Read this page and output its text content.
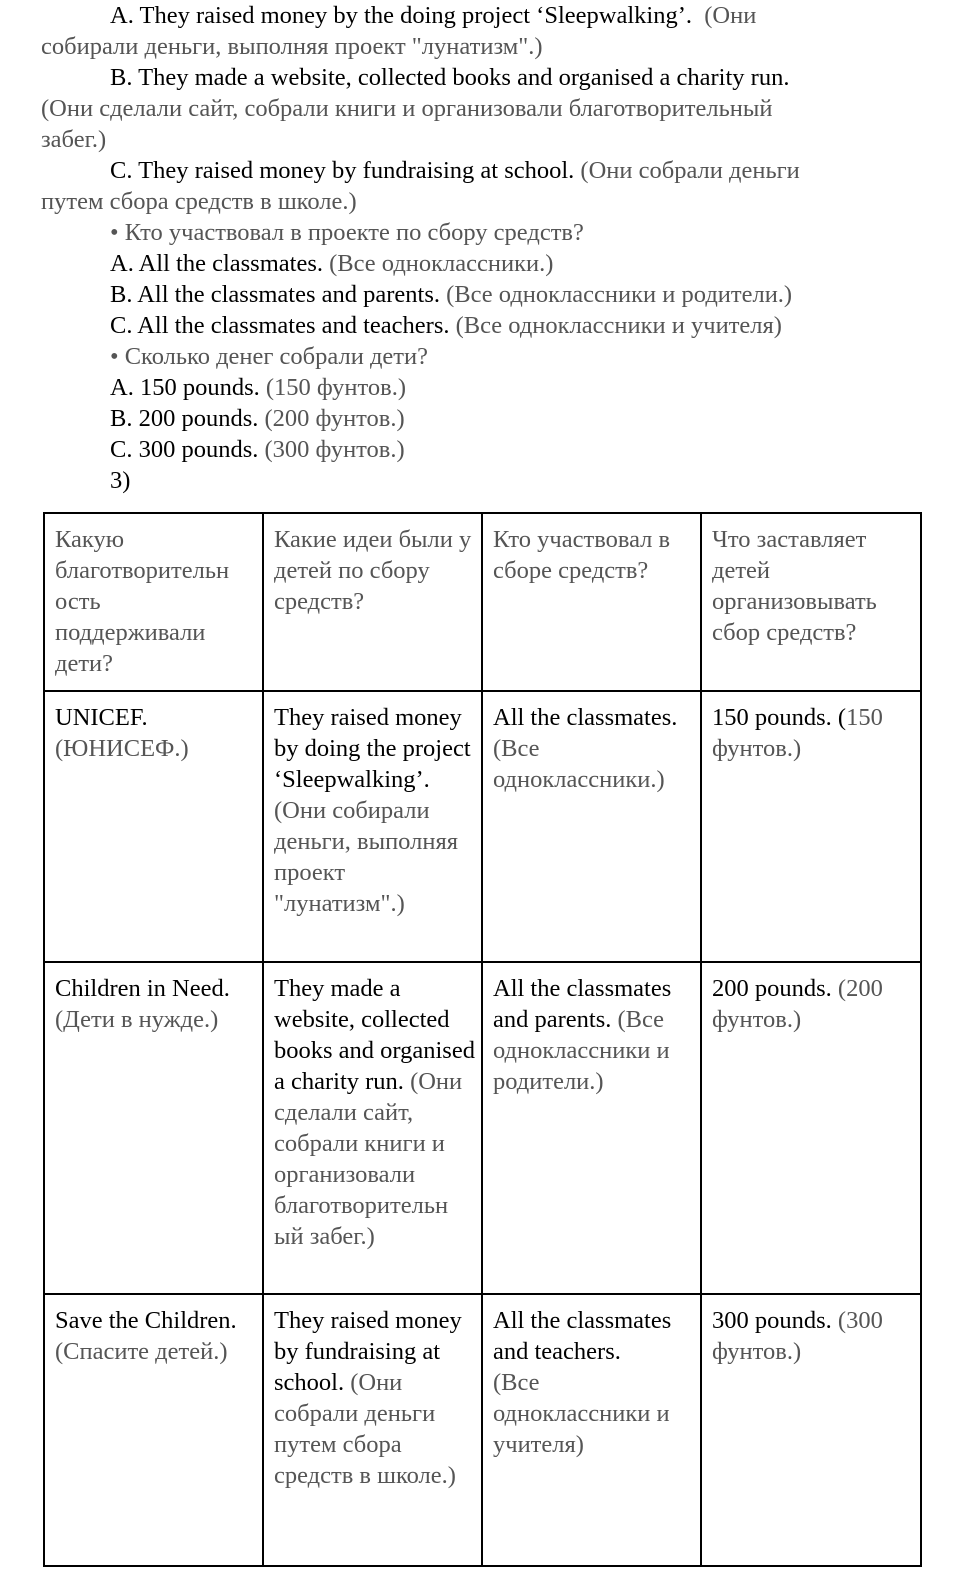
A. They raised money by the doing project ‘Sleepwalking’. (Они
собирали деньги, выполняя проект "лунатизм".)
B. They made a website, collected books and organised a charity run.
(Они сделали сайт, собрали книги и организовали благотворительный
забег.)
C. They raised money by fundraising at school. (Они собрали деньги
путем сбора средств в школе.)
• Кто участвовал в проекте по сбору средств?
A. All the classmates. (Все одноклассники.)
B. All the classmates and parents. (Все одноклассники и родители.)
C. All the classmates and teachers. (Все одноклассники и учителя)
• Сколько денег собрали дети?
A. 150 pounds. (150 фунтов.)
B. 200 pounds. (200 фунтов.)
C. 300 pounds. (300 фунтов.)
3)
Какую благотворительн ость поддерживали дети?	Какие идеи были у детей по сбору средств?	Кто участвовал в сборе средств?	Что заставляет детей организовывать сбор средств?

UNICEF.
(ЮНИСЕФ.)	They raised money by doing the project ‘Sleepwalking’. (Они собирали деньги, выполняя проект "лунатизм".)	All the classmates. (Все одноклассники.)	150 pounds. (150 фунтов.)
Children in Need.
(Дети в нужде.)	They made a website, collected books and organised a charity run. (Они сделали сайт, собрали книги и организовали благотворительн ый забег.)	All the classmates and parents. (Все одноклассники и родители.)	200 pounds. (200 фунтов.)
Save the Children.
(Спасите детей.)	They raised money by fundraising at school. (Они собрали деньги путем сбора средств в школе.)	All the classmates and teachers.
(Все одноклассники и учителя)	300 pounds. (300 фунтов.)
